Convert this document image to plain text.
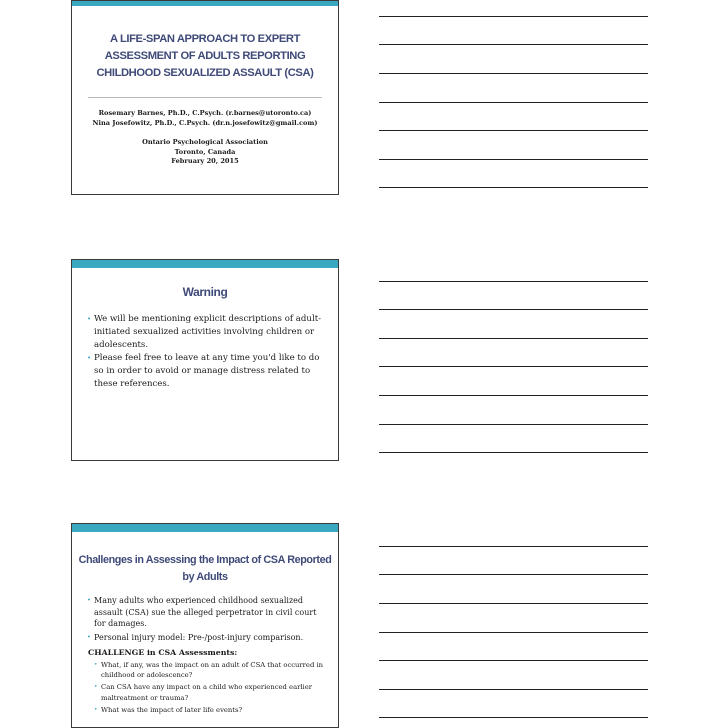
A LIFE-SPAN APPROACH TO EXPERT ASSESSMENT OF ADULTS REPORTING CHILDHOOD SEXUALIZED ASSAULT (CSA)
Rosemary Barnes, Ph.D., C.Psych. (r.barnes@utoronto.ca)
Nina Josefowitz, Ph.D., C.Psych. (dr.n.josefowitz@gmail.com)
Ontario Psychological Association
Toronto, Canada
February 20, 2015
Warning
• We will be mentioning explicit descriptions of adult-initiated sexualized activities involving children or adolescents.
• Please feel free to leave at any time you'd like to do so in order to avoid or manage distress related to these references.
Challenges in Assessing the Impact of CSA Reported by Adults
• Many adults who experienced childhood sexualized assault (CSA) sue the alleged perpetrator in civil court for damages.
• Personal injury model: Pre-/post-injury comparison.
CHALLENGE in CSA Assessments:
• What, if any, was the impact on an adult of CSA that occurred in childhood or adolescence?
• Can CSA have any impact on a child who experienced earlier maltreatment or trauma?
• What was the impact of later life events?
